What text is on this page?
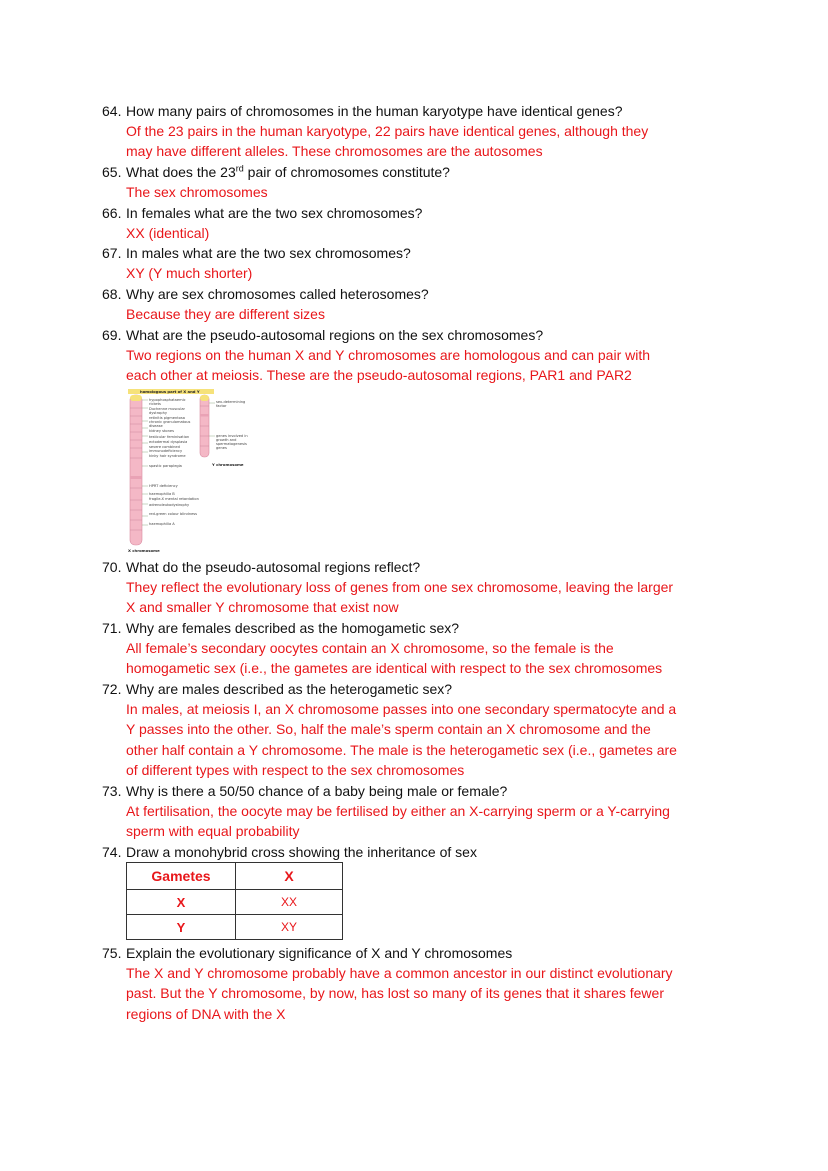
64. How many pairs of chromosomes in the human karyotype have identical genes?
Of the 23 pairs in the human karyotype, 22 pairs have identical genes, although they
may have different alleles. These chromosomes are the autosomes
65. What does the 23rd pair of chromosomes constitute?
The sex chromosomes
66. In females what are the two sex chromosomes?
XX (identical)
67. In males what are the two sex chromosomes?
XY (Y much shorter)
68. Why are sex chromosomes called heterosomes?
Because they are different sizes
69. What are the pseudo-autosomal regions on the sex chromosomes?
Two regions on the human X and Y chromosomes are homologous and can pair with
each other at meiosis. These are the pseudo-autosomal regions, PAR1 and PAR2
homologous part of X and Y
hypophosphataemic
rickets
Duchenne muscular
dystrophy
retinitis pigmentosa
chronic granulomatous
disease
kidney stones
testicular feminisation
ectodermal dysplasia
severe combined
immunodeficiency
kinky hair syndrome
spastic paraplegia
HPRT deficiency
haemophilia B
fragile-X mental retardation
adrenoleukodystrophy
red-green colour blindness
haemophilia A
X chromosome
sex-determining
factor
genes involved in
growth and
spermatogenesis
genes
Y chromosome
70. What do the pseudo-autosomal regions reflect?
They reflect the evolutionary loss of genes from one sex chromosome, leaving the larger
X and smaller Y chromosome that exist now
71. Why are females described as the homogametic sex?
All female’s secondary oocytes contain an X chromosome, so the female is the
homogametic sex (i.e., the gametes are identical with respect to the sex chromosomes
72. Why are males described as the heterogametic sex?
In males, at meiosis I, an X chromosome passes into one secondary spermatocyte and a
Y passes into the other. So, half the male’s sperm contain an X chromosome and the
other half contain a Y chromosome. The male is the heterogametic sex (i.e., gametes are
of different types with respect to the sex chromosomes
73. Why is there a 50/50 chance of a baby being male or female?
At fertilisation, the oocyte may be fertilised by either an X-carrying sperm or a Y-carrying
sperm with equal probability
74. Draw a monohybrid cross showing the inheritance of sex
Gametes	X
X	XX
Y	XY
75. Explain the evolutionary significance of X and Y chromosomes
The X and Y chromosome probably have a common ancestor in our distinct evolutionary
past. But the Y chromosome, by now, has lost so many of its genes that it shares fewer
regions of DNA with the X
